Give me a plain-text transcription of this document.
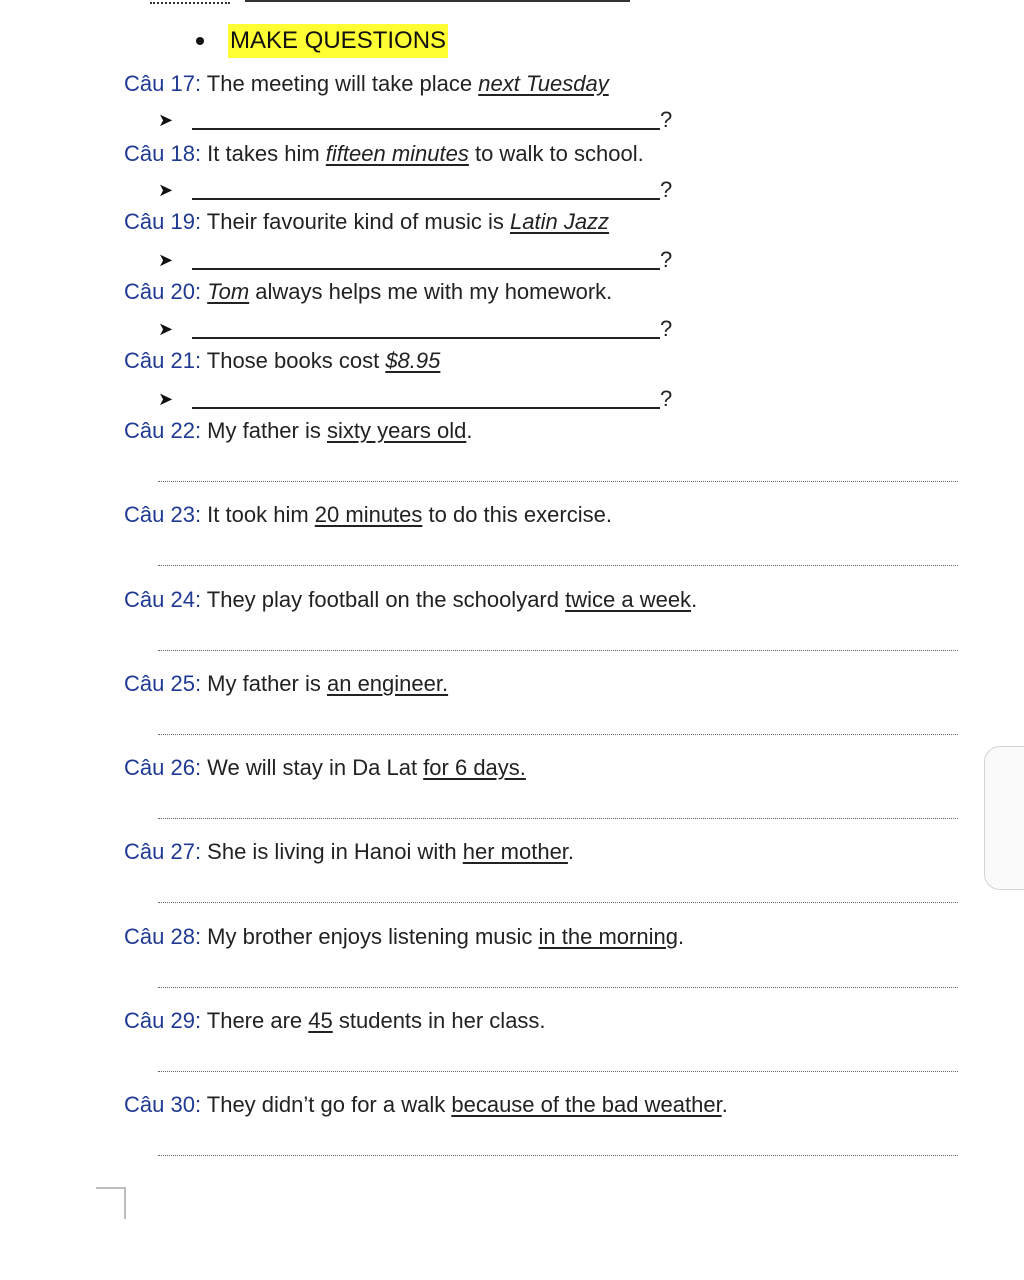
MAKE QUESTIONS
Câu 17: The meeting will take place next Tuesday
➤	?
Câu 18: It takes him fifteen minutes to walk to school.
➤	?
Câu 19: Their favourite kind of music is Latin Jazz
➤	?
Câu 20: Tom always helps me with my homework.
➤	?
Câu 21: Those books cost $8.95
➤	?
Câu 22: My father is sixty years old.
Câu 23: It took him 20 minutes to do this exercise.
Câu 24: They play football on the schoolyard twice a week.
Câu 25: My father is an engineer.
Câu 26: We will stay in Da Lat for 6 days.
Câu 27: She is living in Hanoi with her mother.
Câu 28: My brother enjoys listening music in the morning.
Câu 29: There are 45 students in her class.
Câu 30: They didn’t go for a walk because of the bad weather.
